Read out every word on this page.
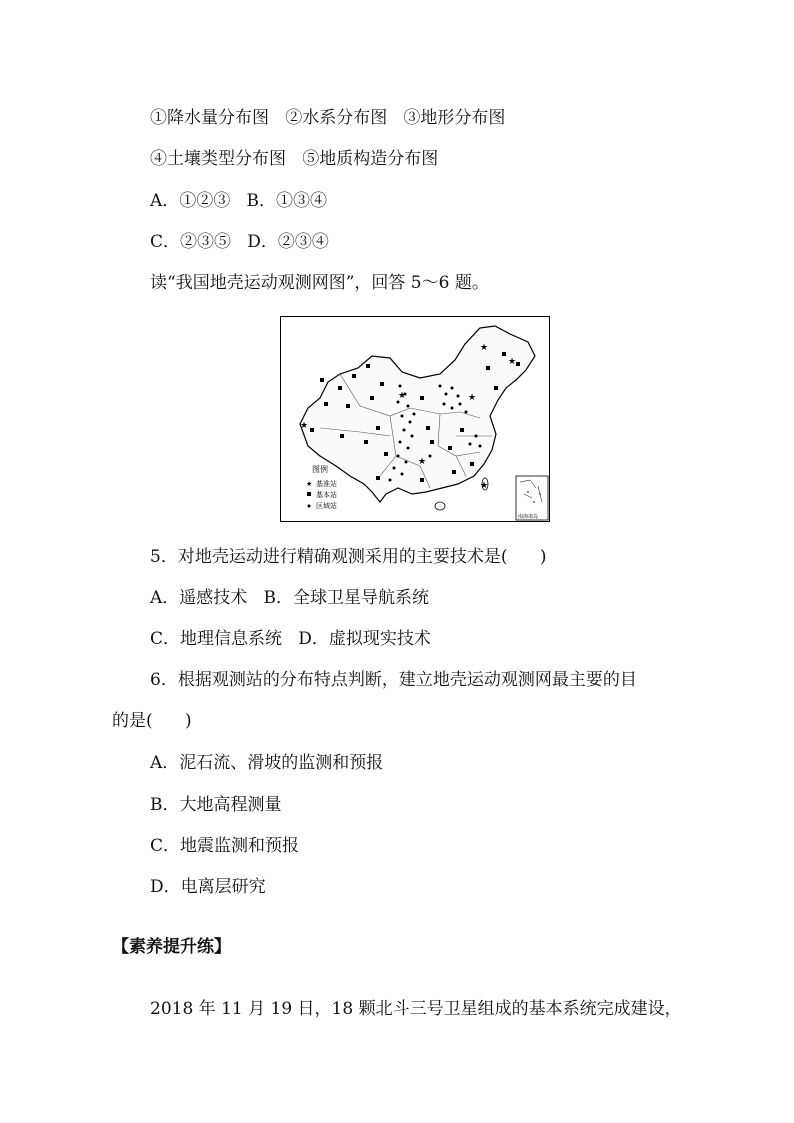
①降水量分布图   ②水系分布图   ③地形分布图
④土壤类型分布图   ⑤地质构造分布图
A．①②③   B．①③④
C．②③⑤   D．②③④
读“我国地壳运动观测网图”，回答 5～6 题。
★
★
★	★
★
★
★
图例
★ 基准站
基本站
区域站
南海诸岛
5．对地壳运动进行精确观测采用的主要技术是(      )
A．遥感技术   B．全球卫星导航系统
C．地理信息系统   D．虚拟现实技术
6．根据观测站的分布特点判断，建立地壳运动观测网最主要的目
的是(      )
A．泥石流、滑坡的监测和预报
B．大地高程测量
C．地震监测和预报
D．电离层研究
【素养提升练】
2018 年 11 月 19 日，18 颗北斗三号卫星组成的基本系统完成建设，
